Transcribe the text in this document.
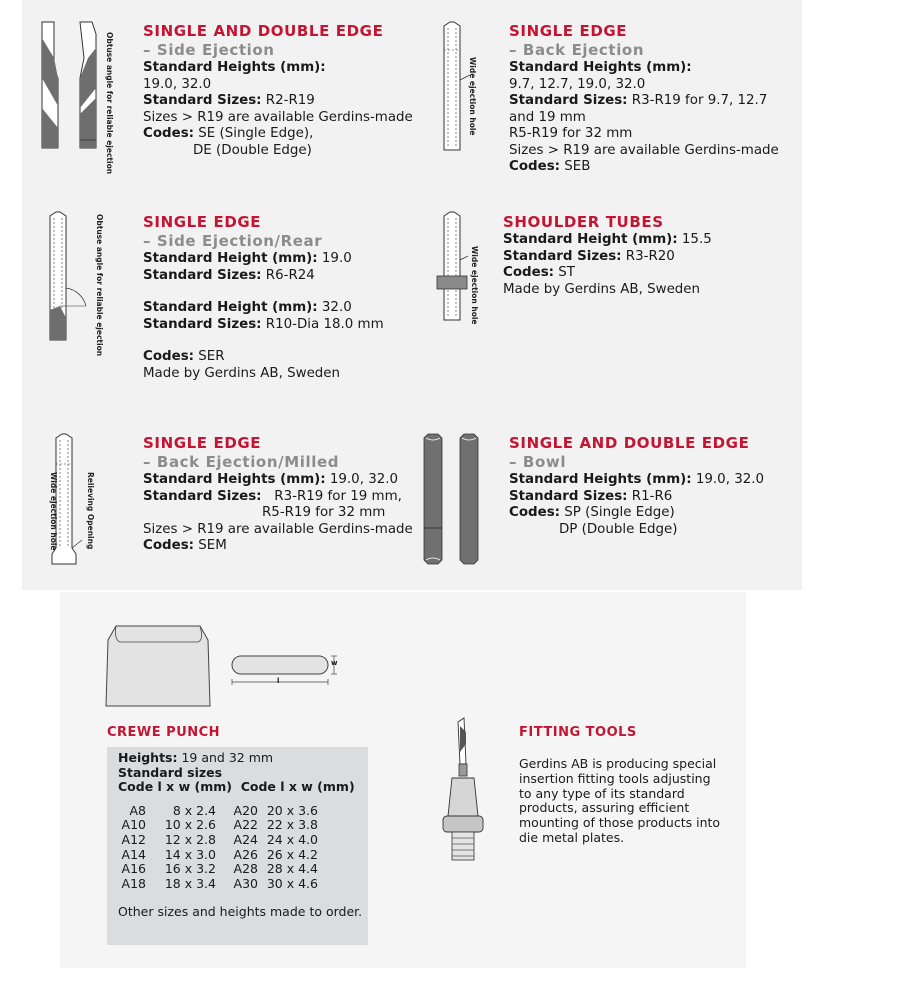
Obtuse angle for reliable ejection
SINGLE AND DOUBLE EDGE
– Side Ejection
Standard Heights (mm):
19.0, 32.0
Standard Sizes: R2-R19
Sizes > R19 are available Gerdins-made
Codes: SE (Single Edge),
DE (Double Edge)
Wide ejection hole
SINGLE EDGE
– Back Ejection
Standard Heights (mm):
9.7, 12.7, 19.0, 32.0
Standard Sizes: R3-R19 for 9.7, 12.7
and 19 mm
R5-R19 for 32 mm
Sizes > R19 are available Gerdins-made
Codes: SEB
Obtuse angle for reliable ejection	SINGLE EDGE
– Side Ejection/Rear
Standard Height (mm): 19.0
Standard Sizes: R6-R24
Standard Height (mm): 32.0
Standard Sizes: R10-Dia 18.0 mm
Codes: SER
Made by Gerdins AB, Sweden
Wide ejection hole
SHOULDER TUBES
Standard Height (mm): 15.5
Standard Sizes: R3-R20
Codes: ST
Made by Gerdins AB, Sweden
Wide ejection hole	Relieving Opening
SINGLE EDGE
– Back Ejection/Milled
Standard Heights (mm): 19.0, 32.0
Standard Sizes:   R3-R19 for 19 mm,
R5-R19 for 32 mm
Sizes > R19 are available Gerdins-made
Codes: SEM
SINGLE AND DOUBLE EDGE
– Bowl
Standard Heights (mm): 19.0, 32.0
Standard Sizes: R1-R6
Codes: SP (Single Edge)
DP (Double Edge)
w
l
CREWE PUNCH
Heights: 19 and 32 mm
Standard sizes
Code l x w (mm) Code l x w (mm)
A8	8 x 2.4	A20	20 x 3.6
A10	10 x 2.6	A22	22 x 3.8
A12	12 x 2.8	A24	24 x 4.0
A14	14 x 3.0	A26	26 x 4.2
A16	16 x 3.2	A28	28 x 4.4
A18	18 x 3.4	A30	30 x 4.6
Other sizes and heights made to order.
FITTING TOOLS
Gerdins AB is producing special
insertion fitting tools adjusting
to any type of its standard
products, assuring efficient
mounting of those products into
die metal plates.
